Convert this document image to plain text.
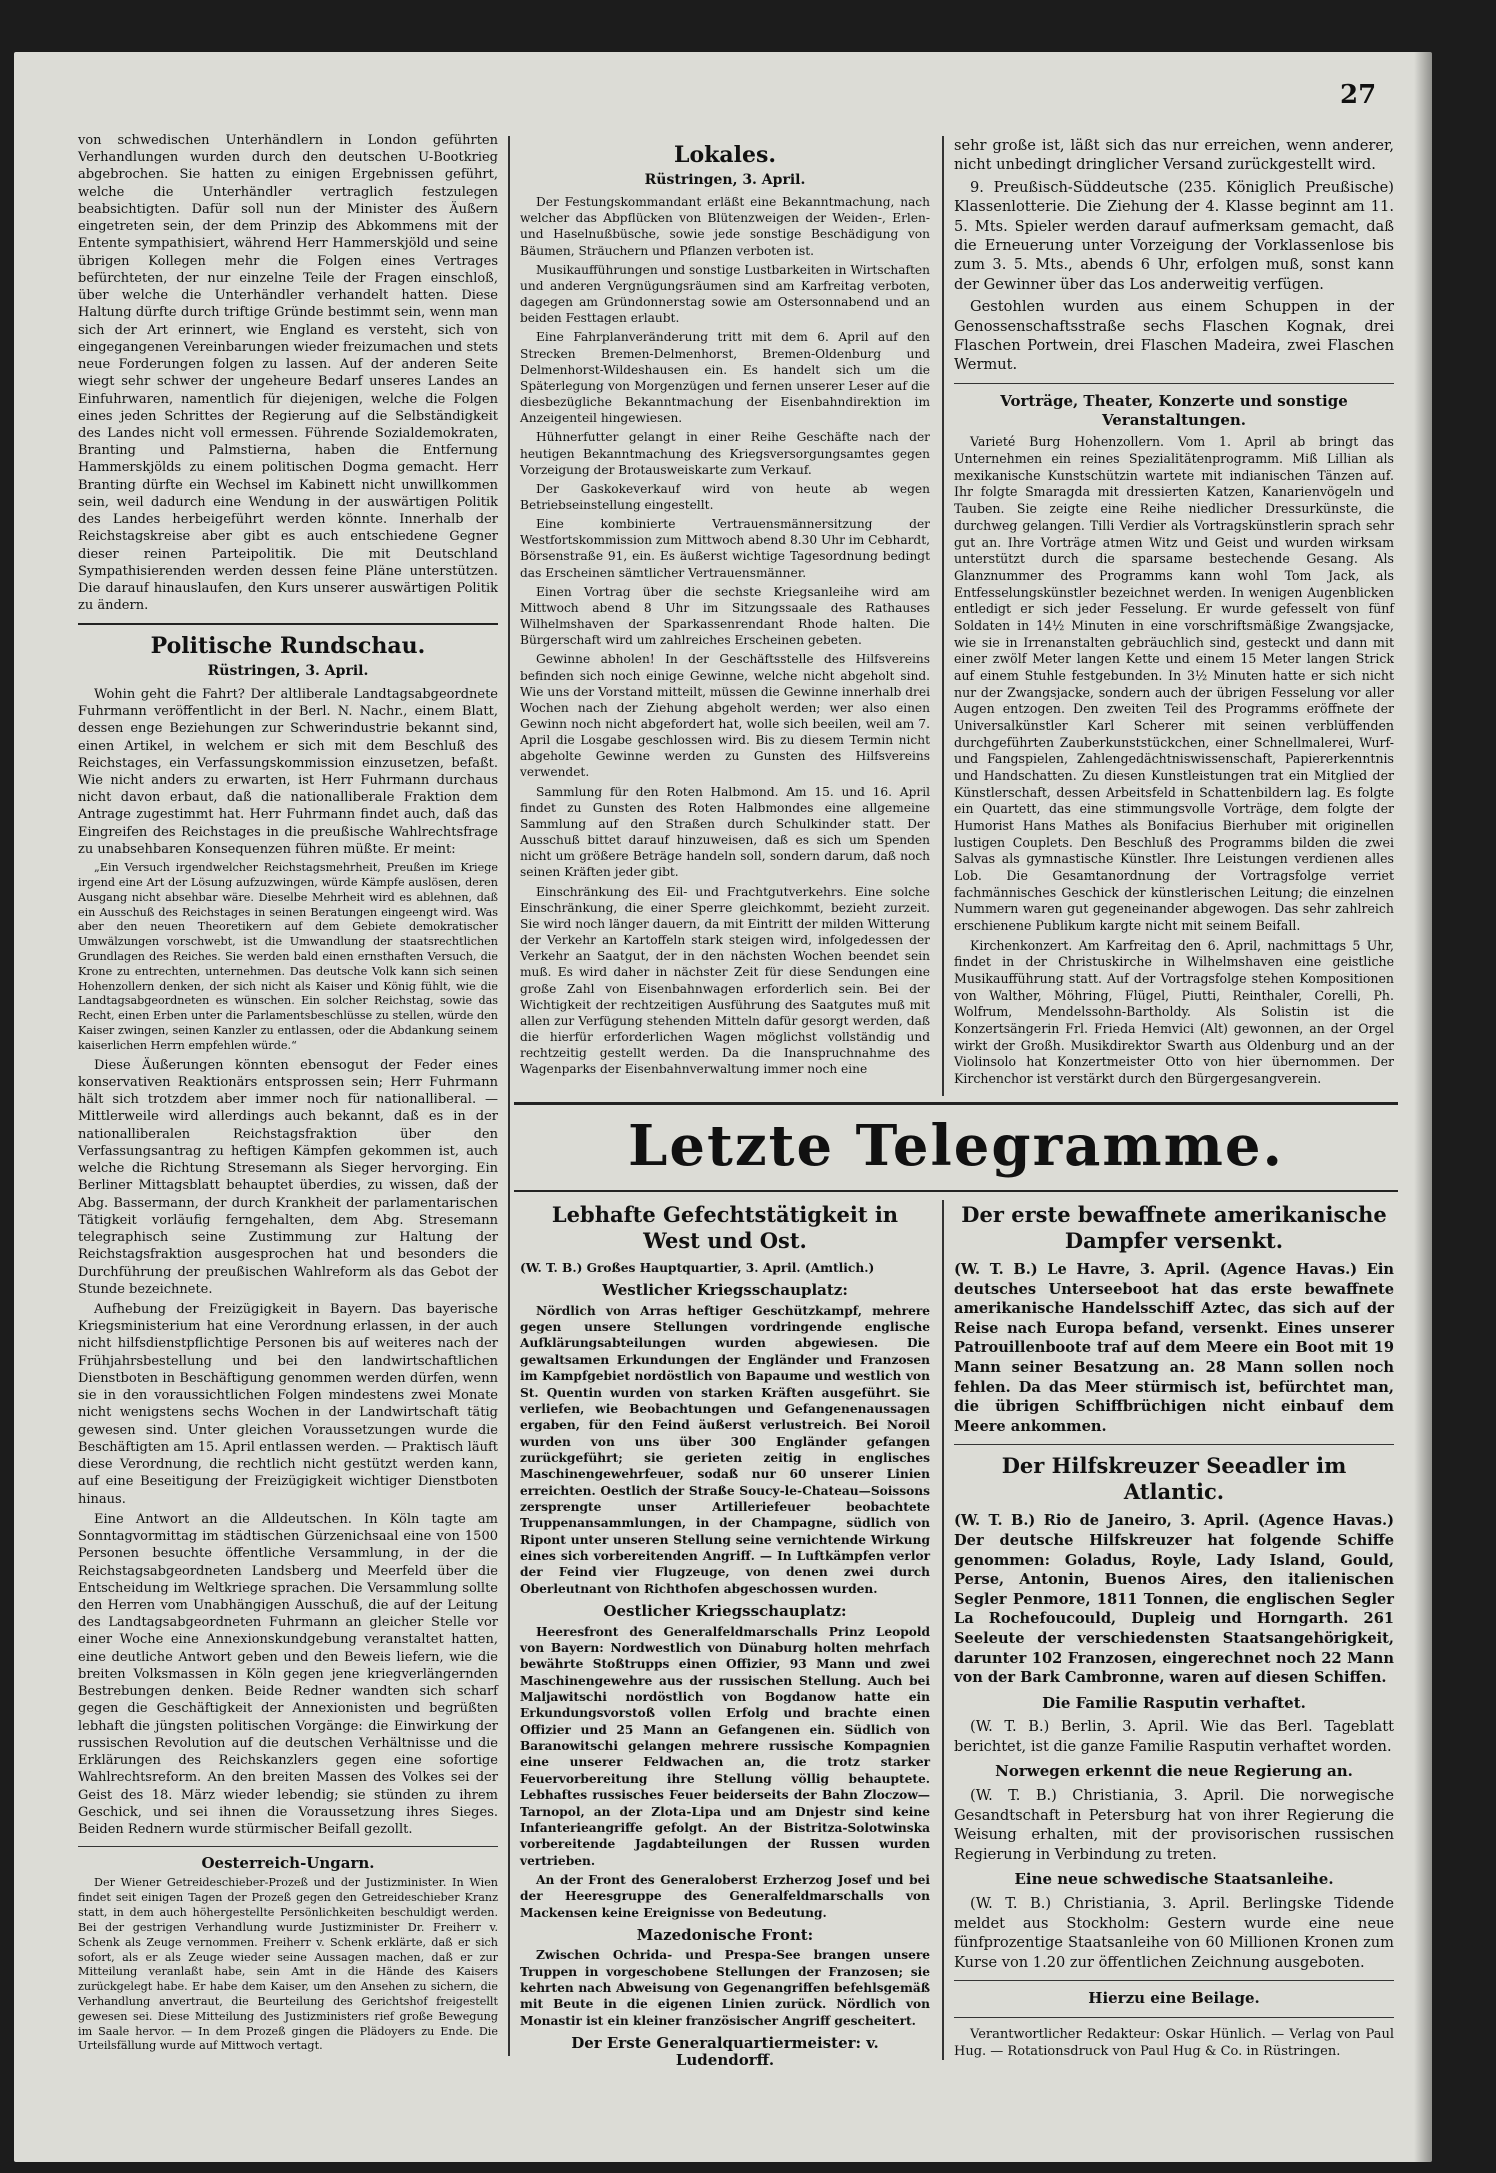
27

von schwedischen Unterhändlern in London geführten Verhandlungen wurden durch den deutschen U-Bootkrieg abgebrochen. Sie hatten zu einigen Ergebnissen geführt, welche die Unterhändler vertraglich festzulegen beabsichtigten. Dafür soll nun der Minister des Äußern eingetreten sein, der dem Prinzip des Abkommens mit der Entente sympathisiert, während Herr Hammerskjöld und seine übrigen Kollegen mehr die Folgen eines Vertrages befürchteten, der nur einzelne Teile der Fragen einschloß, über welche die Unterhändler verhandelt hatten. Diese Haltung dürfte durch triftige Gründe bestimmt sein, wenn man sich der Art erinnert, wie England es versteht, sich von eingegangenen Vereinbarungen wieder freizumachen und stets neue Forderungen folgen zu lassen. Auf der anderen Seite wiegt sehr schwer der ungeheure Bedarf unseres Landes an Einfuhrwaren, namentlich für diejenigen, welche die Folgen eines jeden Schrittes der Regierung auf die Selbständigkeit des Landes nicht voll ermessen. Führende Sozialdemokraten, Branting und Palmstierna, haben die Entfernung Hammerskjölds zu einem politischen Dogma gemacht. Herr Branting dürfte ein Wechsel im Kabinett nicht unwillkommen sein, weil dadurch eine Wendung in der auswärtigen Politik des Landes herbeigeführt werden könnte. Innerhalb der Reichstagskreise aber gibt es auch entschiedene Gegner dieser reinen Parteipolitik. Die mit Deutschland Sympathisierenden werden dessen feine Pläne unterstützen. Die darauf hinauslaufen, den Kurs unserer auswärtigen Politik zu ändern.

Politische Rundschau.
Rüstringen, 3. April.

Wohin geht die Fahrt? Der altliberale Landtagsabgeordnete Fuhrmann veröffentlicht in der Berl. N. Nachr., einem Blatt, dessen enge Beziehungen zur Schwerindustrie bekannt sind, einen Artikel, in welchem er sich mit dem Beschluß des Reichstages, ein Verfassungskommission einzusetzen, befaßt. Wie nicht anders zu erwarten, ist Herr Fuhrmann durchaus nicht davon erbaut, daß die nationalliberale Fraktion dem Antrage zugestimmt hat. Herr Fuhrmann findet auch, daß das Eingreifen des Reichstages in die preußische Wahlrechtsfrage zu unabsehbaren Konsequenzen führen müßte. Er meint:

„Ein Versuch irgendwelcher Reichstagsmehrheit, Preußen im Kriege irgend eine Art der Lösung aufzuzwingen, würde Kämpfe auslösen, deren Ausgang nicht absehbar wäre. Dieselbe Mehrheit wird es ablehnen, daß ein Ausschuß des Reichstages in seinen Beratungen eingeengt wird. Was aber den neuen Theoretikern auf dem Gebiete demokratischer Umwälzungen vorschwebt, ist die Umwandlung der staatsrechtlichen Grundlagen des Reiches. Sie werden bald einen ernsthaften Versuch, die Krone zu entrechten, unternehmen. Das deutsche Volk kann sich seinen Hohenzollern denken, der sich nicht als Kaiser und König fühlt, wie die Landtagsabgeordneten es wünschen. Ein solcher Reichstag, sowie das Recht, einen Erben unter die Parlamentsbeschlüsse zu stellen, würde den Kaiser zwingen, seinen Kanzler zu entlassen, oder die Abdankung seinem kaiserlichen Herrn empfehlen würde.“

Diese Äußerungen könnten ebensogut der Feder eines konservativen Reaktionärs entsprossen sein; Herr Fuhrmann hält sich trotzdem aber immer noch für nationalliberal. — Mittlerweile wird allerdings auch bekannt, daß es in der nationalliberalen Reichstagsfraktion über den Verfassungsantrag zu heftigen Kämpfen gekommen ist, auch welche die Richtung Stresemann als Sieger hervorging. Ein Berliner Mittagsblatt behauptet überdies, zu wissen, daß der Abg. Bassermann, der durch Krankheit der parlamentarischen Tätigkeit vorläufig ferngehalten, dem Abg. Stresemann telegraphisch seine Zustimmung zur Haltung der Reichstagsfraktion ausgesprochen hat und besonders die Durchführung der preußischen Wahlreform als das Gebot der Stunde bezeichnete.

Aufhebung der Freizügigkeit in Bayern. Das bayerische Kriegsministerium hat eine Verordnung erlassen, in der auch nicht hilfsdienstpflichtige Personen bis auf weiteres nach der Frühjahrsbestellung und bei den landwirtschaftlichen Dienstboten in Beschäftigung genommen werden dürfen, wenn sie in den voraussichtlichen Folgen mindestens zwei Monate nicht wenigstens sechs Wochen in der Landwirtschaft tätig gewesen sind. Unter gleichen Voraussetzungen wurde die Beschäftigten am 15. April entlassen werden. — Praktisch läuft diese Verordnung, die rechtlich nicht gestützt werden kann, auf eine Beseitigung der Freizügigkeit wichtiger Dienstboten hinaus.

Eine Antwort an die Alldeutschen. In Köln tagte am Sonntagvormittag im städtischen Gürzenichsaal eine von 1500 Personen besuchte öffentliche Versammlung, in der die Reichstagsabgeordneten Landsberg und Meerfeld über die Entscheidung im Weltkriege sprachen. Die Versammlung sollte den Herren vom Unabhängigen Ausschuß, die auf der Leitung des Landtagsabgeordneten Fuhrmann an gleicher Stelle vor einer Woche eine Annexionskundgebung veranstaltet hatten, eine deutliche Antwort geben und den Beweis liefern, wie die breiten Volksmassen in Köln gegen jene kriegverlängernden Bestrebungen denken. Beide Redner wandten sich scharf gegen die Geschäftigkeit der Annexionisten und begrüßten lebhaft die jüngsten politischen Vorgänge: die Einwirkung der russischen Revolution auf die deutschen Verhältnisse und die Erklärungen des Reichskanzlers gegen eine sofortige Wahlrechtsreform. An den breiten Massen des Volkes sei der Geist des 18. März wieder lebendig; sie stünden zu ihrem Geschick, und sei ihnen die Voraussetzung ihres Sieges. Beiden Rednern wurde stürmischer Beifall gezollt.

Oesterreich-Ungarn.

Der Wiener Getreideschieber-Prozeß und der Justizminister. In Wien findet seit einigen Tagen der Prozeß gegen den Getreideschieber Kranz statt, in dem auch höhergestellte Persönlichkeiten beschuldigt werden. Bei der gestrigen Verhandlung wurde Justizminister Dr. Freiherr v. Schenk als Zeuge vernommen. Freiherr v. Schenk erklärte, daß er sich sofort, als er als Zeuge wieder seine Aussagen machen, daß er zur Mitteilung veranlaßt habe, sein Amt in die Hände des Kaisers zurückgelegt habe. Er habe dem Kaiser, um den Ansehen zu sichern, die Verhandlung anvertraut, die Beurteilung des Gerichtshof freigestellt gewesen sei. Diese Mitteilung des Justizministers rief große Bewegung im Saale hervor. — In dem Prozeß gingen die Plädoyers zu Ende. Die Urteilsfällung wurde auf Mittwoch vertagt.

Lokales.
Rüstringen, 3. April.

Der Festungskommandant erläßt eine Bekanntmachung, nach welcher das Abpflücken von Blütenzweigen der Weiden-, Erlen- und Haselnußbüsche, sowie jede sonstige Beschädigung von Bäumen, Sträuchern und Pflanzen verboten ist.

Musikaufführungen und sonstige Lustbarkeiten in Wirtschaften und anderen Vergnügungsräumen sind am Karfreitag verboten, dagegen am Gründonnerstag sowie am Ostersonnabend und an beiden Festtagen erlaubt.

Eine Fahrplanveränderung tritt mit dem 6. April auf den Strecken Bremen-Delmenhorst, Bremen-Oldenburg und Delmenhorst-Wildeshausen ein. Es handelt sich um die Späterlegung von Morgenzügen und fernen unserer Leser auf die diesbezügliche Bekanntmachung der Eisenbahndirektion im Anzeigenteil hingewiesen.

Hühnerfutter gelangt in einer Reihe Geschäfte nach der heutigen Bekanntmachung des Kriegsversorgungsamtes gegen Vorzeigung der Brotausweiskarte zum Verkauf.

Der Gaskokeverkauf wird von heute ab wegen Betriebseinstellung eingestellt.

Eine kombinierte Vertrauensmännersitzung der Westfortskommission zum Mittwoch abend 8.30 Uhr im Cebhardt, Börsenstraße 91, ein. Es äußerst wichtige Tagesordnung bedingt das Erscheinen sämtlicher Vertrauensmänner.

Einen Vortrag über die sechste Kriegsanleihe wird am Mittwoch abend 8 Uhr im Sitzungssaale des Rathauses Wilhelmshaven der Sparkassenrendant Rhode halten. Die Bürgerschaft wird um zahlreiches Erscheinen gebeten.

Gewinne abholen! In der Geschäftsstelle des Hilfsvereins befinden sich noch einige Gewinne, welche nicht abgeholt sind. Wie uns der Vorstand mitteilt, müssen die Gewinne innerhalb drei Wochen nach der Ziehung abgeholt werden; wer also einen Gewinn noch nicht abgefordert hat, wolle sich beeilen, weil am 7. April die Losgabe geschlossen wird. Bis zu diesem Termin nicht abgeholte Gewinne werden zu Gunsten des Hilfsvereins verwendet.

Sammlung für den Roten Halbmond. Am 15. und 16. April findet zu Gunsten des Roten Halbmondes eine allgemeine Sammlung auf den Straßen durch Schulkinder statt. Der Ausschuß bittet darauf hinzuweisen, daß es sich um Spenden nicht um größere Beträge handeln soll, sondern darum, daß noch seinen Kräften jeder gibt.

Einschränkung des Eil- und Frachtgutverkehrs. Eine solche Einschränkung, die einer Sperre gleichkommt, bezieht zurzeit. Sie wird noch länger dauern, da mit Eintritt der milden Witterung der Verkehr an Kartoffeln stark steigen wird, infolgedessen der Verkehr an Saatgut, der in den nächsten Wochen beendet sein muß. Es wird daher in nächster Zeit für diese Sendungen eine große Zahl von Eisenbahnwagen erforderlich sein. Bei der Wichtigkeit der rechtzeitigen Ausführung des Saatgutes muß mit allen zur Verfügung stehenden Mitteln dafür gesorgt werden, daß die hierfür erforderlichen Wagen möglichst vollständig und rechtzeitig gestellt werden. Da die Inanspruchnahme des Wagenparks der Eisenbahnverwaltung immer noch eine

sehr große ist, läßt sich das nur erreichen, wenn anderer, nicht unbedingt dringlicher Versand zurückgestellt wird.

9. Preußisch-Süddeutsche (235. Königlich Preußische) Klassenlotterie. Die Ziehung der 4. Klasse beginnt am 11. 5. Mts. Spieler werden darauf aufmerksam gemacht, daß die Erneuerung unter Vorzeigung der Vorklassenlose bis zum 3. 5. Mts., abends 6 Uhr, erfolgen muß, sonst kann der Gewinner über das Los anderweitig verfügen.

Gestohlen wurden aus einem Schuppen in der Genossenschaftsstraße sechs Flaschen Kognak, drei Flaschen Portwein, drei Flaschen Madeira, zwei Flaschen Wermut.

Vorträge, Theater, Konzerte und sonstige Veranstaltungen.

Varieté Burg Hohenzollern. Vom 1. April ab bringt das Unternehmen ein reines Spezialitätenprogramm. Miß Lillian als mexikanische Kunstschützin wartete mit indianischen Tänzen auf. Ihr folgte Smaragda mit dressierten Katzen, Kanarienvögeln und Tauben. Sie zeigte eine Reihe niedlicher Dressurkünste, die durchweg gelangen. Tilli Verdier als Vortragskünstlerin sprach sehr gut an. Ihre Vorträge atmen Witz und Geist und wurden wirksam unterstützt durch die sparsame bestechende Gesang. Als Glanznummer des Programms kann wohl Tom Jack, als Entfesselungskünstler bezeichnet werden. In wenigen Augenblicken entledigt er sich jeder Fesselung. Er wurde gefesselt von fünf Soldaten in 14½ Minuten in eine vorschriftsmäßige Zwangsjacke, wie sie in Irrenanstalten gebräuchlich sind, gesteckt und dann mit einer zwölf Meter langen Kette und einem 15 Meter langen Strick auf einem Stuhle festgebunden. In 3½ Minuten hatte er sich nicht nur der Zwangsjacke, sondern auch der übrigen Fesselung vor aller Augen entzogen. Den zweiten Teil des Programms eröffnete der Universalkünstler Karl Scherer mit seinen verblüffenden durchgeführten Zauberkunststückchen, einer Schnellmalerei, Wurf- und Fangspielen, Zahlengedächtniswissenschaft, Papiererkenntnis und Handschatten. Zu diesen Kunstleistungen trat ein Mitglied der Künstlerschaft, dessen Arbeitsfeld in Schattenbildern lag. Es folgte ein Quartett, das eine stimmungsvolle Vorträge, dem folgte der Humorist Hans Mathes als Bonifacius Bierhuber mit originellen lustigen Couplets. Den Beschluß des Programms bilden die zwei Salvas als gymnastische Künstler. Ihre Leistungen verdienen alles Lob. Die Gesamtanordnung der Vortragsfolge verriet fachmännisches Geschick der künstlerischen Leitung; die einzelnen Nummern waren gut gegeneinander abgewogen. Das sehr zahlreich erschienene Publikum kargte nicht mit seinem Beifall.

Kirchenkonzert. Am Karfreitag den 6. April, nachmittags 5 Uhr, findet in der Christuskirche in Wilhelmshaven eine geistliche Musikaufführung statt. Auf der Vortragsfolge stehen Kompositionen von Walther, Möhring, Flügel, Piutti, Reinthaler, Corelli, Ph. Wolfrum, Mendelssohn-Bartholdy. Als Solistin ist die Konzertsängerin Frl. Frieda Hemvici (Alt) gewonnen, an der Orgel wirkt der Großh. Musikdirektor Swarth aus Oldenburg und an der Violinsolo hat Konzertmeister Otto von hier übernommen. Der Kirchenchor ist verstärkt durch den Bürgergesangverein.

Letzte Telegramme.
Lebhafte Gefechtstätigkeit in West und Ost.

(W. T. B.) Großes Hauptquartier, 3. April. (Amtlich.)

Westlicher Kriegsschauplatz:

Nördlich von Arras heftiger Geschützkampf, mehrere gegen unsere Stellungen vordringende englische Aufklärungsabteilungen wurden abgewiesen. Die gewaltsamen Erkundungen der Engländer und Franzosen im Kampfgebiet nordöstlich von Bapaume und westlich von St. Quentin wurden von starken Kräften ausgeführt. Sie verliefen, wie Beobachtungen und Gefangenenaussagen ergaben, für den Feind äußerst verlustreich. Bei Noroil wurden von uns über 300 Engländer gefangen zurückgeführt; sie gerieten zeitig in englisches Maschinengewehrfeuer, sodaß nur 60 unserer Linien erreichten. Oestlich der Straße Soucy-le-Chateau—Soissons zersprengte unser Artilleriefeuer beobachtete Truppenansammlungen, in der Champagne, südlich von Ripont unter unseren Stellung seine vernichtende Wirkung eines sich vorbereitenden Angriff. — In Luftkämpfen verlor der Feind vier Flugzeuge, von denen zwei durch Oberleutnant von Richthofen abgeschossen wurden.

Oestlicher Kriegsschauplatz:

Heeresfront des Generalfeldmarschalls Prinz Leopold von Bayern: Nordwestlich von Dünaburg holten mehrfach bewährte Stoßtrupps einen Offizier, 93 Mann und zwei Maschinengewehre aus der russischen Stellung. Auch bei Maljawitschi nordöstlich von Bogdanow hatte ein Erkundungsvorstoß vollen Erfolg und brachte einen Offizier und 25 Mann an Gefangenen ein. Südlich von Baranowitschi gelangen mehrere russische Kompagnien eine unserer Feldwachen an, die trotz starker Feuervorbereitung ihre Stellung völlig behauptete. Lebhaftes russisches Feuer beiderseits der Bahn Zloczow—Tarnopol, an der Zlota-Lipa und am Dnjestr sind keine Infanterieangriffe gefolgt. An der Bistritza-Solotwinska vorbereitende Jagdabteilungen der Russen wurden vertrieben.

An der Front des Generaloberst Erzherzog Josef und bei der Heeresgruppe des Generalfeldmarschalls von Mackensen keine Ereignisse von Bedeutung.

Mazedonische Front:

Zwischen Ochrida- und Prespa-See brangen unsere Truppen in vorgeschobene Stellungen der Franzosen; sie kehrten nach Abweisung von Gegenangriffen befehlsgemäß mit Beute in die eigenen Linien zurück. Nördlich von Monastir ist ein kleiner französischer Angriff gescheitert.

Der Erste Generalquartiermeister: v. Ludendorff.
Der erste bewaffnete amerikanische Dampfer versenkt.

(W. T. B.) Le Havre, 3. April. (Agence Havas.) Ein deutsches Unterseeboot hat das erste bewaffnete amerikanische Handelsschiff Aztec, das sich auf der Reise nach Europa befand, versenkt. Eines unserer Patrouillenboote traf auf dem Meere ein Boot mit 19 Mann seiner Besatzung an. 28 Mann sollen noch fehlen. Da das Meer stürmisch ist, befürchtet man, die übrigen Schiffbrüchigen nicht einbauf dem Meere ankommen.

Der Hilfskreuzer Seeadler im Atlantic.

(W. T. B.) Rio de Janeiro, 3. April. (Agence Havas.) Der deutsche Hilfskreuzer hat folgende Schiffe genommen: Goladus, Royle, Lady Island, Gould, Perse, Antonin, Buenos Aires, den italienischen Segler Penmore, 1811 Tonnen, die englischen Segler La Rochefoucould, Dupleig und Horngarth. 261 Seeleute der verschiedensten Staatsangehörigkeit, darunter 102 Franzosen, eingerechnet noch 22 Mann von der Bark Cambronne, waren auf diesen Schiffen.

Die Familie Rasputin verhaftet.

(W. T. B.) Berlin, 3. April. Wie das Berl. Tageblatt berichtet, ist die ganze Familie Rasputin verhaftet worden.

Norwegen erkennt die neue Regierung an.

(W. T. B.) Christiania, 3. April. Die norwegische Gesandtschaft in Petersburg hat von ihrer Regierung die Weisung erhalten, mit der provisorischen russischen Regierung in Verbindung zu treten.

Eine neue schwedische Staatsanleihe.

(W. T. B.) Christiania, 3. April. Berlingske Tidende meldet aus Stockholm: Gestern wurde eine neue fünfprozentige Staatsanleihe von 60 Millionen Kronen zum Kurse von 1.20 zur öffentlichen Zeichnung ausgeboten.

Hierzu eine Beilage.

Verantwortlicher Redakteur: Oskar Hünlich. — Verlag von Paul Hug. — Rotationsdruck von Paul Hug & Co. in Rüstringen.
